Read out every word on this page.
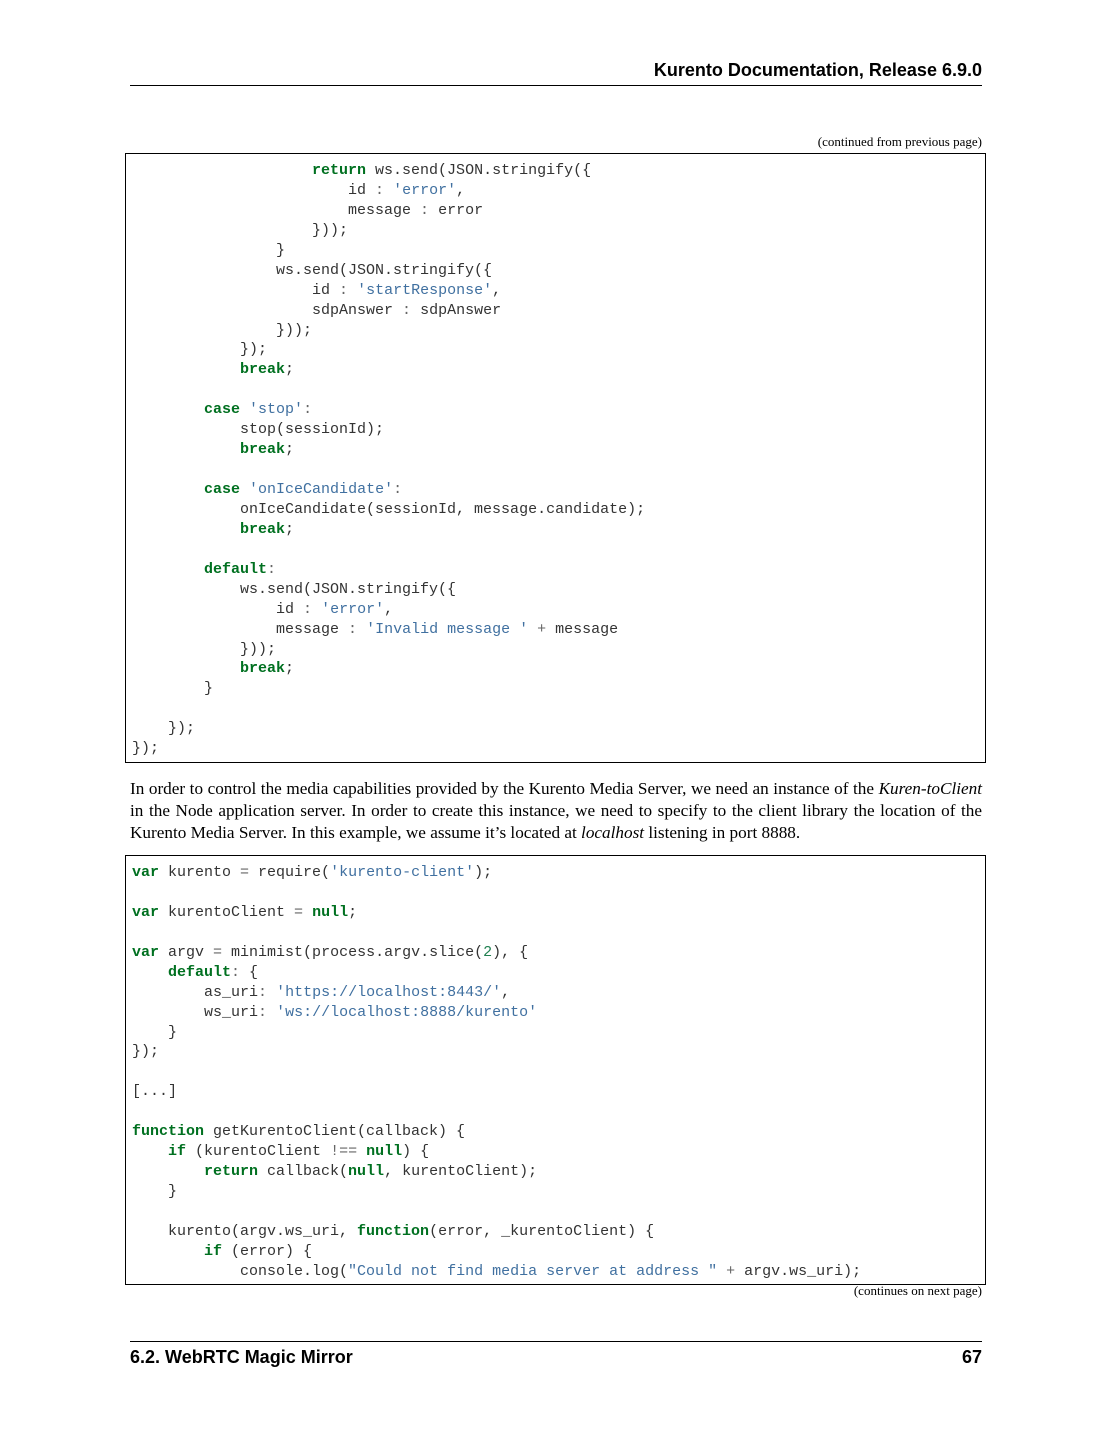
Kurento Documentation, Release 6.9.0
(continued from previous page)
return ws.send(JSON.stringify({
id : 'error',
message : error
}));
}
ws.send(JSON.stringify({
id : 'startResponse',
sdpAnswer : sdpAnswer
}));
});
break;
case 'stop':
stop(sessionId);
break;
case 'onIceCandidate':
onIceCandidate(sessionId, message.candidate);
break;
default:
ws.send(JSON.stringify({
id : 'error',
message : 'Invalid message ' + message
}));
break;
}
});
});

In order to control the media capabilities provided by the Kurento Media Server, we need an instance of the Kuren-toClient in the Node application server. In order to create this instance, we need to specify to the client library the location of the Kurento Media Server. In this example, we assume it’s located at localhost listening in port 8888.

var kurento = require('kurento-client');
var kurentoClient = null;
var argv = minimist(process.argv.slice(2), {
default: {
as_uri: 'https://localhost:8443/',
ws_uri: 'ws://localhost:8888/kurento'
}
});
[...]
function getKurentoClient(callback) {
if (kurentoClient !== null) {
return callback(null, kurentoClient);
}
kurento(argv.ws_uri, function(error, _kurentoClient) {
if (error) {
console.log("Could not find media server at address " + argv.ws_uri);
(continues on next page)
6.2. WebRTC Magic Mirror	67
